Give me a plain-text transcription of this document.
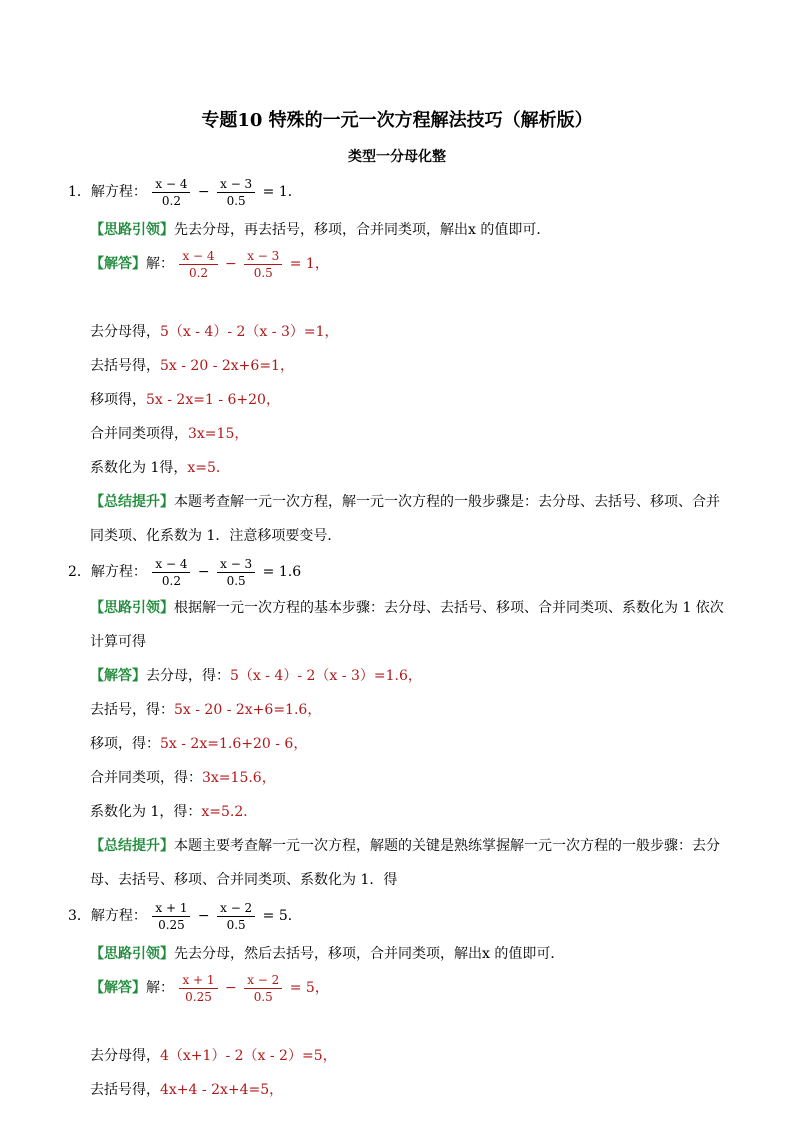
专题10 特殊的一元一次方程解法技巧（解析版）
类型一分母化整
1．解方程： $\frac{x - 4}{0.2} - \frac{x - 3}{0.5} = 1$．
【思路引领】先去分母，再去括号，移项，合并同类项，解出x 的值即可．
【解答】解： $\frac{x - 4}{0.2} - \frac{x - 3}{0.5} = 1$，
去分母得，5（x - 4）- 2（x - 3）=1，
去括号得，5x - 20 - 2x+6=1，
移项得，5x - 2x=1 - 6+20，
合并同类项得，3x=15，
系数化为 1得，x=5．
【总结提升】本题考查解一元一次方程，解一元一次方程的一般步骤是：去分母、去括号、移项、合并
同类项、化系数为 1．注意移项要变号．
2．解方程： $\frac{x - 4}{0.2} - \frac{x - 3}{0.5} = 1.6$
【思路引领】根据解一元一次方程的基本步骤：去分母、去括号、移项、合并同类项、系数化为 1 依次
计算可得
【解答】去分母，得：5（x - 4）- 2（x - 3）=1.6，
去括号，得：5x - 20 - 2x+6=1.6，
移项，得：5x - 2x=1.6+20 - 6，
合并同类项，得：3x=15.6，
系数化为 1，得：x=5.2．
【总结提升】本题主要考查解一元一次方程，解题的关键是熟练掌握解一元一次方程的一般步骤：去分
母、去括号、移项、合并同类项、系数化为 1．得
3．解方程： $\frac{x + 1}{0.25} - \frac{x - 2}{0.5} = 5$．
【思路引领】先去分母，然后去括号，移项，合并同类项，解出x 的值即可．
【解答】解： $\frac{x + 1}{0.25} - \frac{x - 2}{0.5} = 5$，
去分母得，4（x+1）- 2（x - 2）=5，
去括号得，4x+4 - 2x+4=5，
